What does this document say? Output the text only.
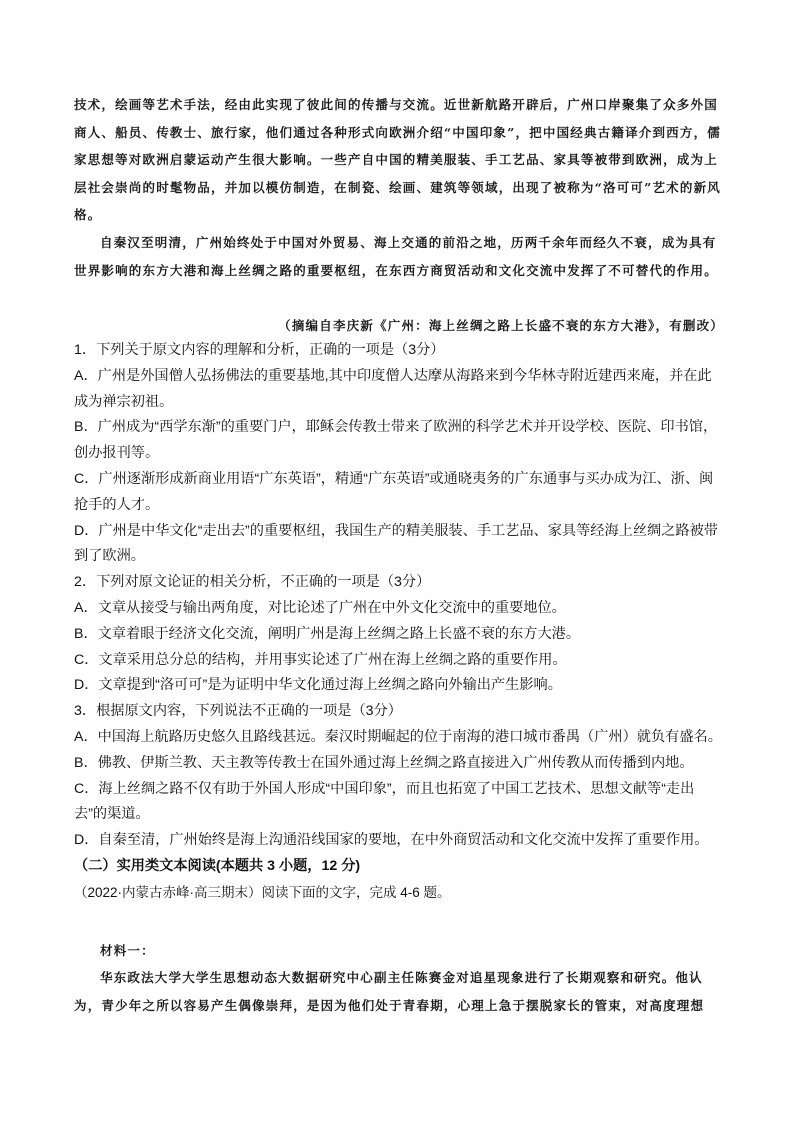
技术，绘画等艺术手法，经由此实现了彼此间的传播与交流。近世新航路开辟后，广州口岸聚集了众多外国商人、船员、传教士、旅行家，他们通过各种形式向欧洲介绍“中国印象”，把中国经典古籍译介到西方，儒家思想等对欧洲启蒙运动产生很大影响。一些产自中国的精美服装、手工艺品、家具等被带到欧洲，成为上层社会崇尚的时髦物品，并加以模仿制造，在制瓷、绘画、建筑等领域，出现了被称为“洛可可”艺术的新风格。

自秦汉至明清，广州始终处于中国对外贸易、海上交通的前沿之地，历两千余年而经久不衰，成为具有世界影响的东方大港和海上丝绸之路的重要枢纽，在东西方商贸活动和文化交流中发挥了不可替代的作用。

（摘编自李庆新《广州：海上丝绸之路上长盛不衰的东方大港》，有删改）

1．下列关于原文内容的理解和分析，正确的一项是（3分）

A．广州是外国僧人弘扬佛法的重要基地,其中印度僧人达摩从海路来到今华林寺附近建西来庵，并在此成为禅宗初祖。

B．广州成为“西学东渐”的重要门户，耶稣会传教士带来了欧洲的科学艺术并开设学校、医院、印书馆，创办报刊等。

C．广州逐渐形成新商业用语“广东英语”，精通“广东英语”或通晓夷务的广东通事与买办成为江、浙、闽抢手的人才。

D．广州是中华文化“走出去”的重要枢纽，我国生产的精美服装、手工艺品、家具等经海上丝绸之路被带到了欧洲。

2．下列对原文论证的相关分析，不正确的一项是（3分）

A．文章从接受与输出两角度，对比论述了广州在中外文化交流中的重要地位。

B．文章着眼于经济文化交流，阐明广州是海上丝绸之路上长盛不衰的东方大港。

C．文章采用总分总的结构，并用事实论述了广州在海上丝绸之路的重要作用。

D．文章提到“洛可可”是为证明中华文化通过海上丝绸之路向外输出产生影响。

3．根据原文内容，下列说法不正确的一项是（3分）

A．中国海上航路历史悠久且路线甚远。秦汉时期崛起的位于南海的港口城市番禺（广州）就负有盛名。

B．佛教、伊斯兰教、天主教等传教士在国外通过海上丝绸之路直接进入广州传教从而传播到内地。

C．海上丝绸之路不仅有助于外国人形成“中国印象”，而且也拓宽了中国工艺技术、思想文献等“走出去”的渠道。

D．自秦至清，广州始终是海上沟通沿线国家的要地，在中外商贸活动和文化交流中发挥了重要作用。

（二）实用类文本阅读(本题共 3 小题，12 分)

（2022·内蒙古赤峰·高三期末）阅读下面的文字，完成 4-6 题。

材料一：

华东政法大学大学生思想动态大数据研究中心副主任陈赛金对追星现象进行了长期观察和研究。他认为，青少年之所以容易产生偶像崇拜，是因为他们处于青春期，心理上急于摆脱家长的管束，对高度理想
